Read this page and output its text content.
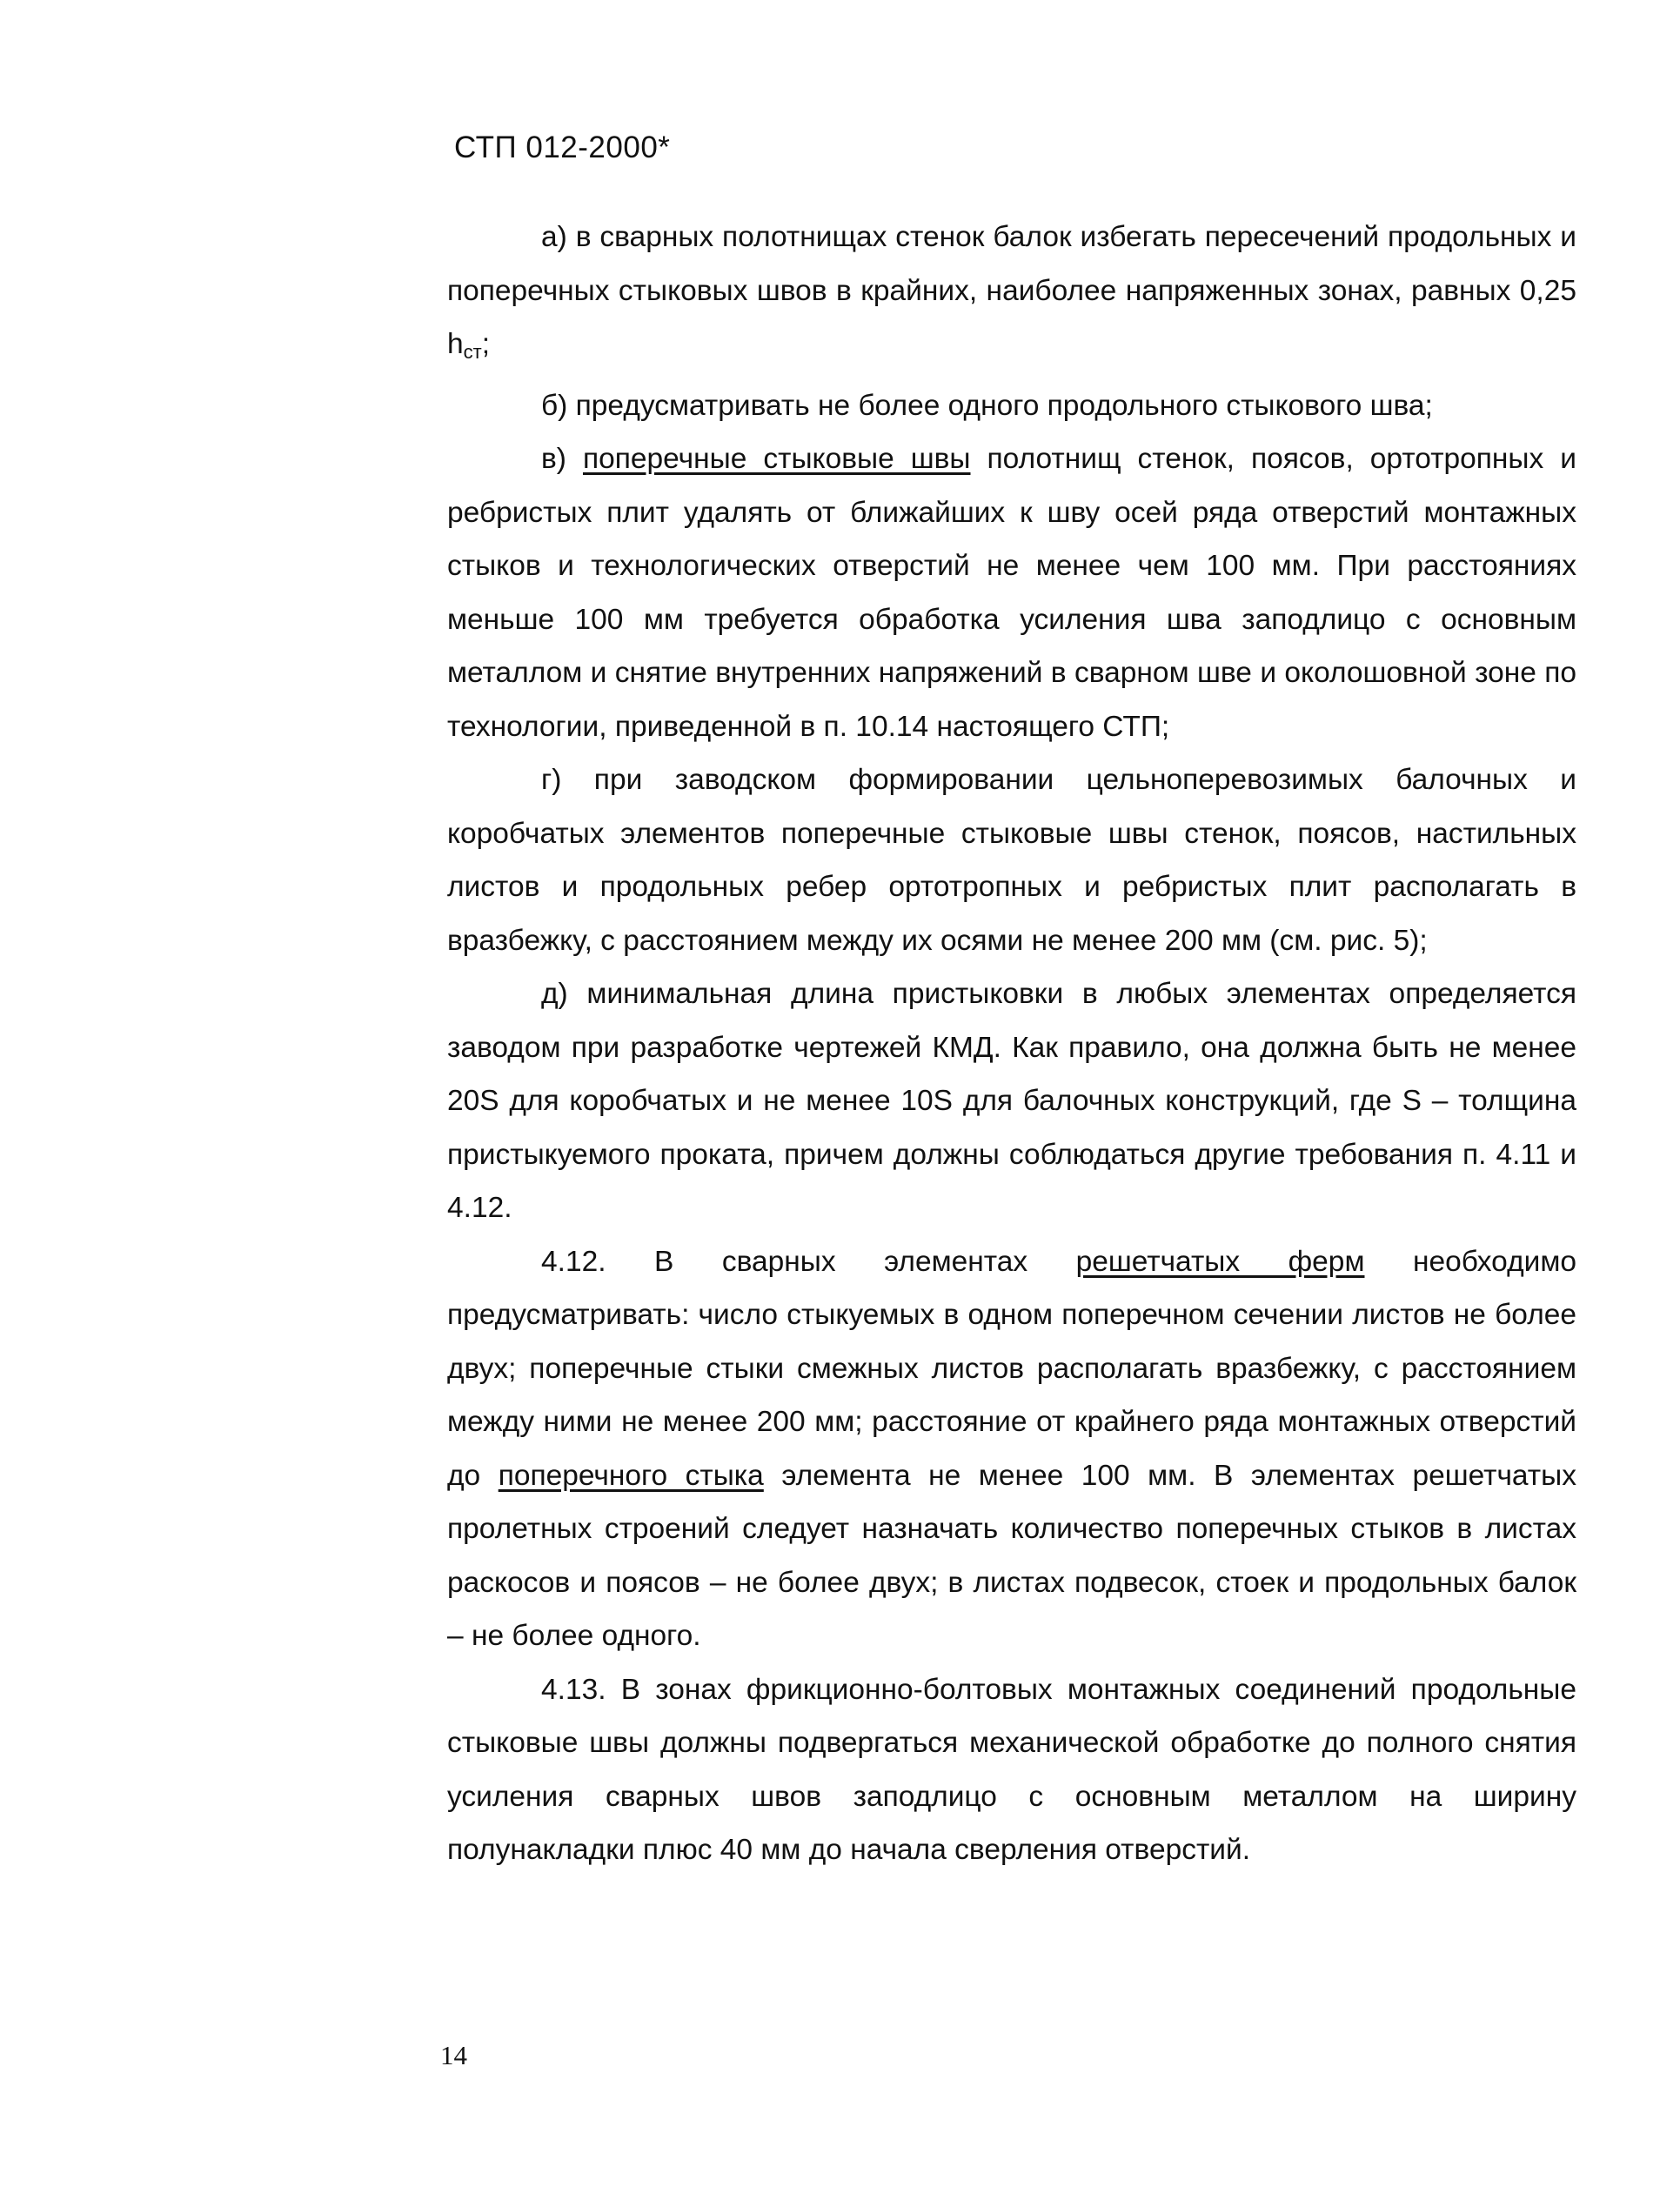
СТП 012-2000*

а) в сварных полотнищах стенок балок избегать пересечений продольных и поперечных стыковых швов в крайних, наиболее напряженных зонах, равных 0,25 $h_{ст}$;

б) предусматривать не более одного продольного стыкового шва;

в) поперечные стыковые швы полотнищ стенок, поясов, ортотропных и ребристых плит удалять от ближайших к шву осей ряда отверстий монтажных стыков и технологических отверстий не менее чем 100 мм. При расстояниях меньше 100 мм требуется обработка усиления шва заподлицо с основным металлом и снятие внутренних напряжений в сварном шве и околошовной зоне по технологии, приведенной в п. 10.14 настоящего СТП;

г) при заводском формировании цельноперевозимых балочных и коробчатых элементов поперечные стыковые швы стенок, поясов, настильных листов и продольных ребер ортотропных и ребристых плит располагать в вразбежку, с расстоянием между их осями не менее 200 мм (см. рис. 5);

д) минимальная длина пристыковки в любых элементах определяется заводом при разработке чертежей КМД. Как правило, она должна быть не менее 20S для коробчатых и не менее 10S для балочных конструкций, где S – толщина пристыкуемого проката, причем должны соблюдаться другие требования п. 4.11 и 4.12.

4.12. В сварных элементах решетчатых ферм необходимо предусматривать: число стыкуемых в одном поперечном сечении листов не более двух; поперечные стыки смежных листов располагать вразбежку, с расстоянием между ними не менее 200 мм; расстояние от крайнего ряда монтажных отверстий до поперечного стыка элемента не менее 100 мм. В элементах решетчатых пролетных строений следует назначать количество поперечных стыков в листах раскосов и поясов – не более двух; в листах подвесок, стоек и продольных балок – не более одного.

4.13. В зонах фрикционно-болтовых монтажных соединений продольные стыковые швы должны подвергаться механической обработке до полного снятия усиления сварных швов заподлицо с основным металлом на ширину полунакладки плюс 40 мм до начала сверления отверстий.

14
